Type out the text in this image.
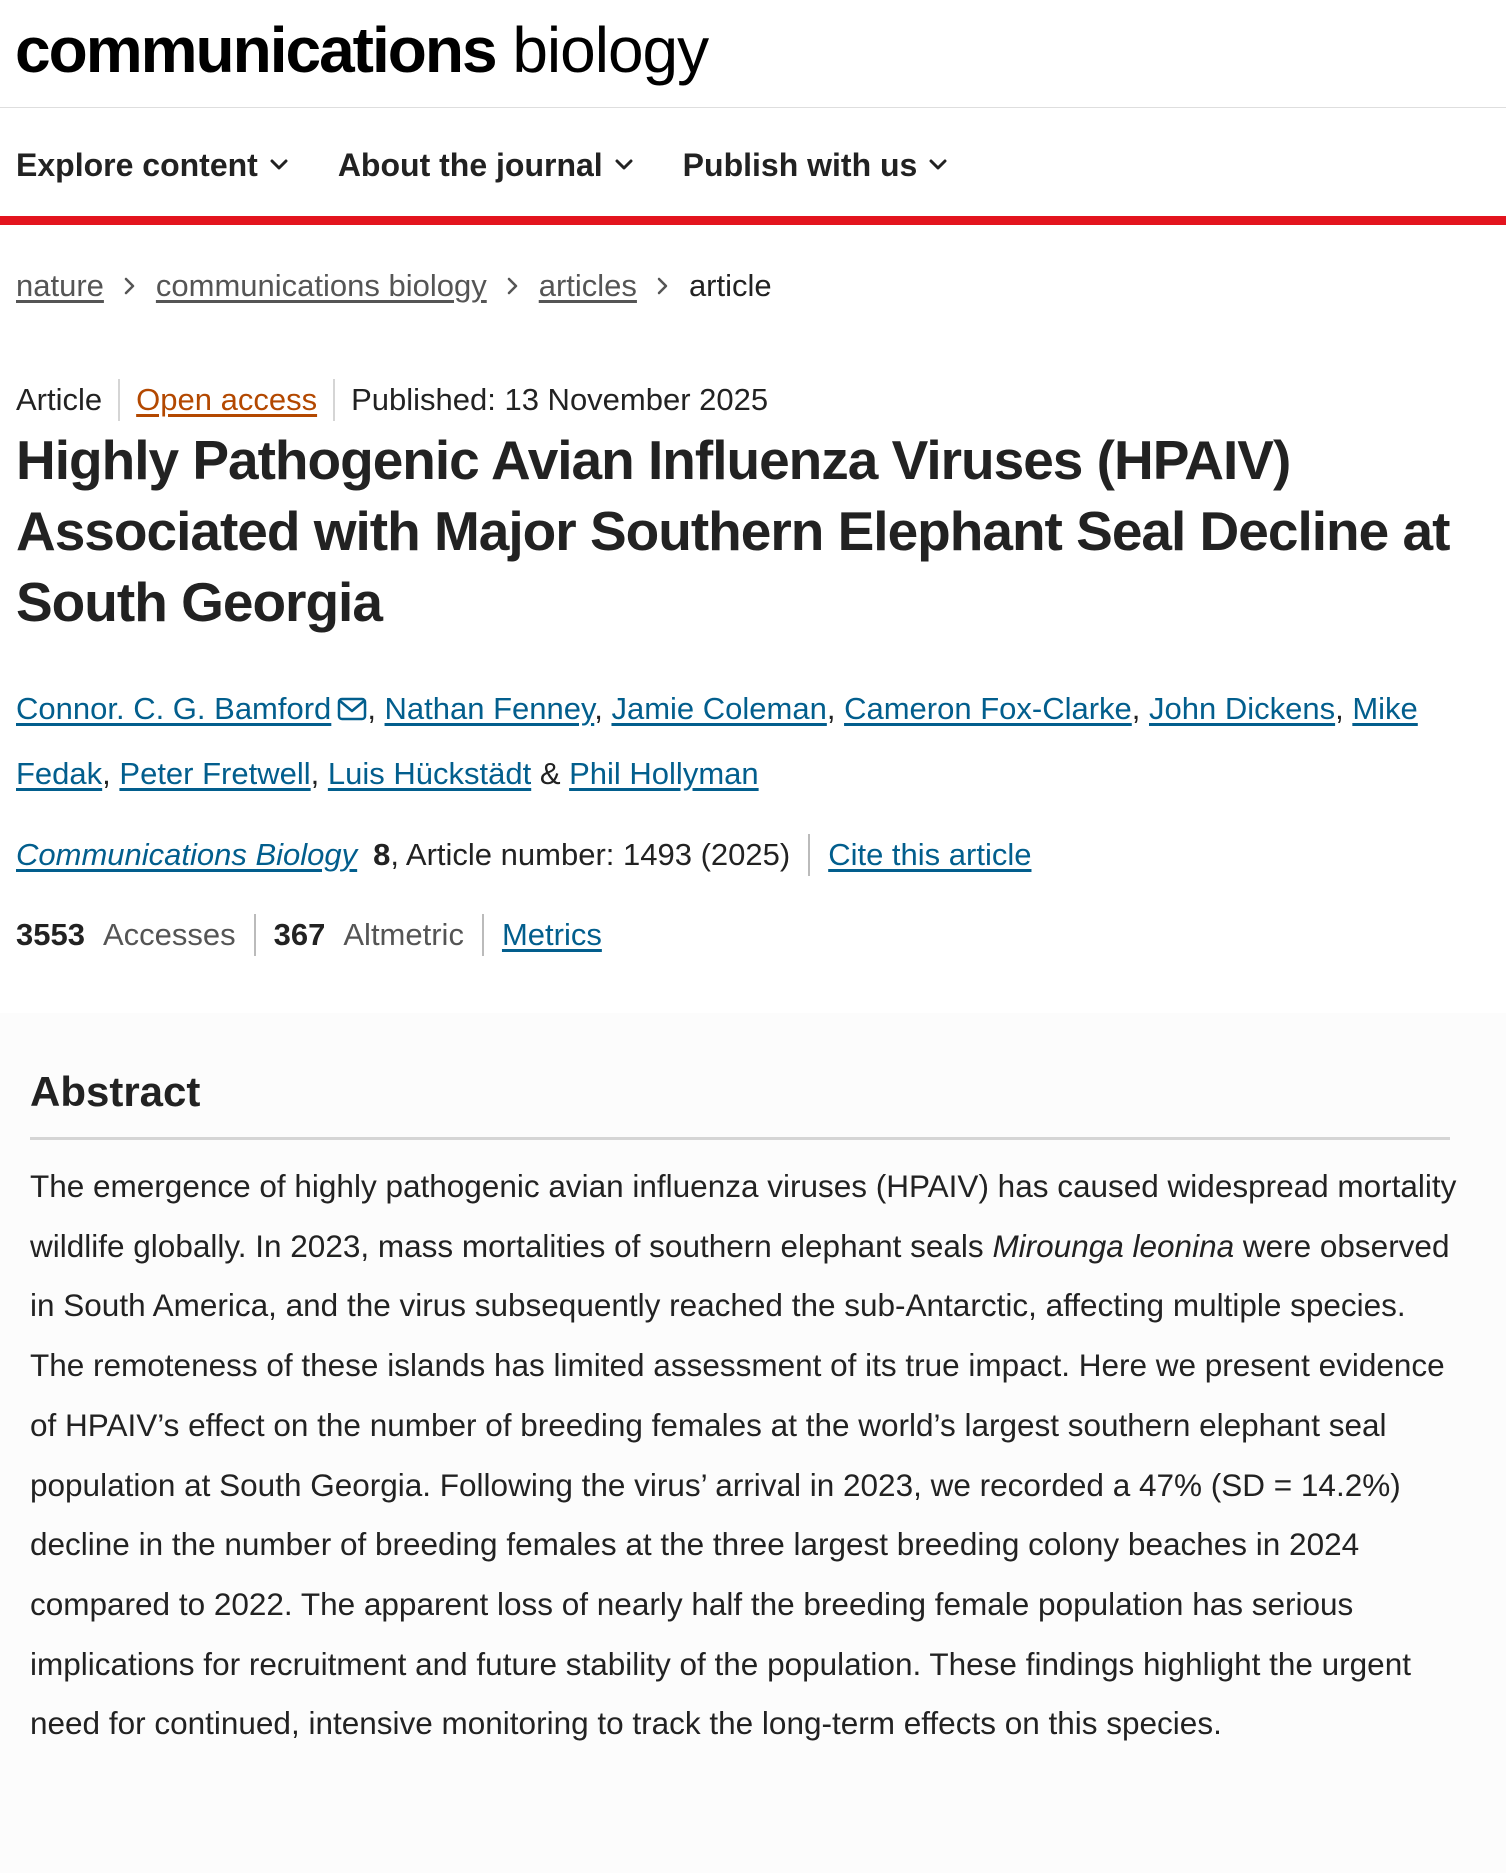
communications biology
Explore content	About the journal	Publish with us
nature communications biology articles article
Article Open access Published: 13 November 2025
Highly Pathogenic Avian Influenza Viruses (HPAIV) Associated with Major Southern Elephant Seal Decline at South Georgia
Connor. C. G. Bamford , Nathan Fenney, Jamie Coleman, Cameron Fox-Clarke, John Dickens, Mike Fedak, Peter Fretwell, Luis Hückstädt & Phil Hollyman
Communications Biology 8 , Article number: 1493 (2025) Cite this article
3553 Accesses 367 Altmetric Metrics
Abstract

The emergence of highly pathogenic avian influenza viruses (HPAIV) has caused widespread mortality wildlife globally. In 2023, mass mortalities of southern elephant seals Mirounga leonina were observed in South America, and the virus subsequently reached the sub-Antarctic, affecting multiple species. The remoteness of these islands has limited assessment of its true impact. Here we present evidence of HPAIV’s effect on the number of breeding females at the world’s largest southern elephant seal population at South Georgia. Following the virus’ arrival in 2023, we recorded a 47% (SD = 14.2%) decline in the number of breeding females at the three largest breeding colony beaches in 2024 compared to 2022. The apparent loss of nearly half the breeding female population has serious implications for recruitment and future stability of the population. These findings highlight the urgent need for continued, intensive monitoring to track the long-term effects on this species.
